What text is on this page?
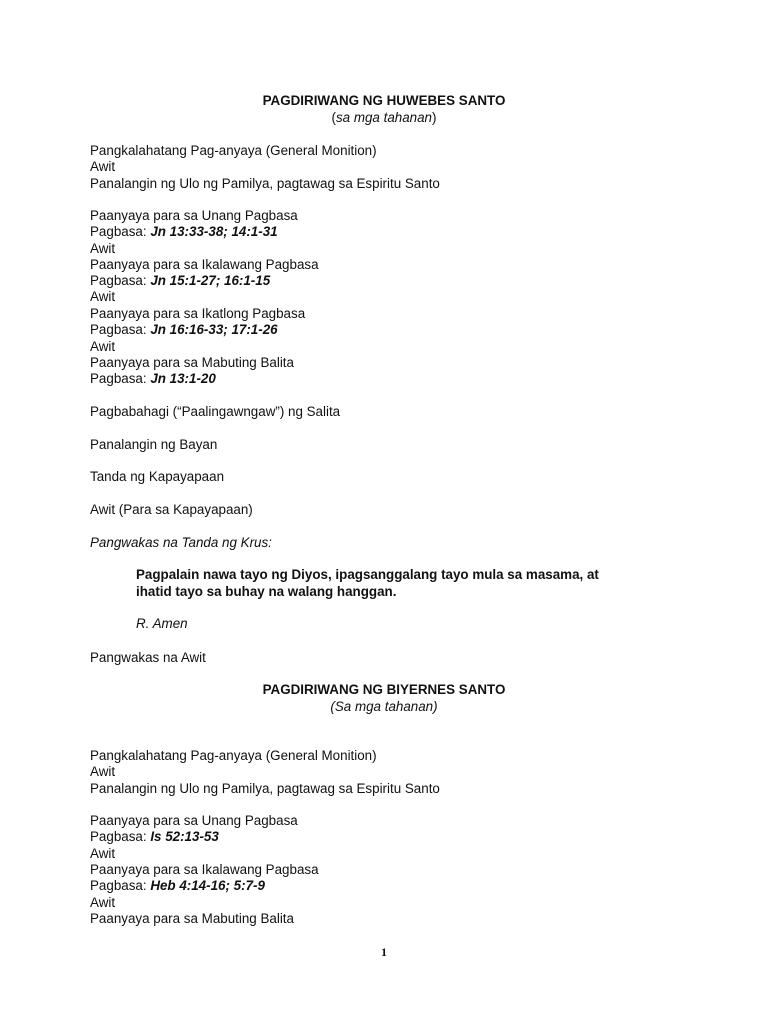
PAGDIRIWANG NG HUWEBES SANTO
(sa mga tahanan)
Pangkalahatang Pag-anyaya (General Monition)
Awit
Panalangin ng Ulo ng Pamilya, pagtawag sa Espiritu Santo
Paanyaya para sa Unang Pagbasa
Pagbasa: Jn 13:33-38; 14:1-31
Awit
Paanyaya para sa Ikalawang Pagbasa
Pagbasa: Jn 15:1-27; 16:1-15
Awit
Paanyaya para sa Ikatlong Pagbasa
Pagbasa: Jn 16:16-33; 17:1-26
Awit
Paanyaya para sa Mabuting Balita
Pagbasa: Jn 13:1-20
Pagbabahagi (“Paalingawngaw”) ng Salita
Panalangin ng Bayan
Tanda ng Kapayapaan
Awit (Para sa Kapayapaan)
Pangwakas na Tanda ng Krus:
Pagpalain nawa tayo ng Diyos, ipagsanggalang tayo mula sa masama, at
ihatid tayo sa buhay na walang hanggan.
R. Amen
Pangwakas na Awit
PAGDIRIWANG NG BIYERNES SANTO
(Sa mga tahanan)
Pangkalahatang Pag-anyaya (General Monition)
Awit
Panalangin ng Ulo ng Pamilya, pagtawag sa Espiritu Santo
Paanyaya para sa Unang Pagbasa
Pagbasa: Is 52:13-53
Awit
Paanyaya para sa Ikalawang Pagbasa
Pagbasa: Heb 4:14-16; 5:7-9
Awit
Paanyaya para sa Mabuting Balita
1
